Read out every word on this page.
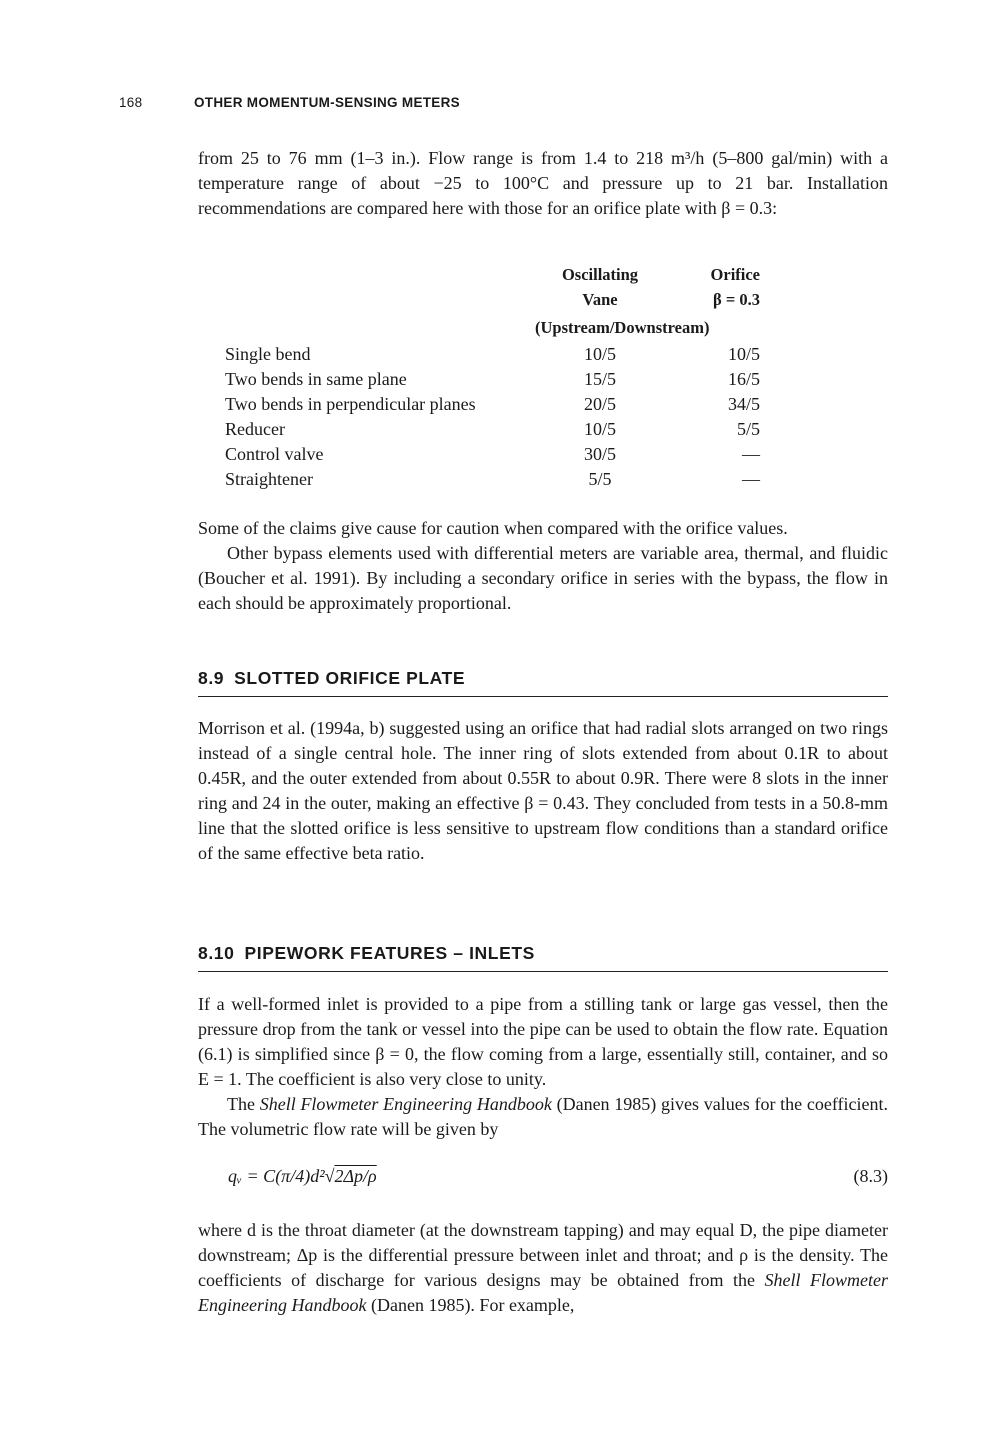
168	OTHER MOMENTUM-SENSING METERS

from 25 to 76 mm (1–3 in.). Flow range is from 1.4 to 218 m³/h (5–800 gal/min) with a temperature range of about −25 to 100°C and pressure up to 21 bar. Installation recommendations are compared here with those for an orifice plate with β = 0.3:

	Oscillating	Orifice
	Vane	β = 0.3
	(Upstream/Downstream)	
Single bend	10/5	10/5
Two bends in same plane	15/5	16/5
Two bends in perpendicular planes	20/5	34/5
Reducer	10/5	5/5
Control valve	30/5	—
Straightener	5/5	—

Some of the claims give cause for caution when compared with the orifice values.

Other bypass elements used with differential meters are variable area, thermal, and fluidic (Boucher et al. 1991). By including a secondary orifice in series with the bypass, the flow in each should be approximately proportional.

8.9 SLOTTED ORIFICE PLATE

Morrison et al. (1994a, b) suggested using an orifice that had radial slots arranged on two rings instead of a single central hole. The inner ring of slots extended from about 0.1R to about 0.45R, and the outer extended from about 0.55R to about 0.9R. There were 8 slots in the inner ring and 24 in the outer, making an effective β = 0.43. They concluded from tests in a 50.8-mm line that the slotted orifice is less sensitive to upstream flow conditions than a standard orifice of the same effective beta ratio.

8.10 PIPEWORK FEATURES – INLETS

If a well-formed inlet is provided to a pipe from a stilling tank or large gas vessel, then the pressure drop from the tank or vessel into the pipe can be used to obtain the flow rate. Equation (6.1) is simplified since β = 0, the flow coming from a large, essentially still, container, and so E = 1. The coefficient is also very close to unity.

The Shell Flowmeter Engineering Handbook (Danen 1985) gives values for the coefficient. The volumetric flow rate will be given by

qᵥ = C(π/4)d²√2Δp/ρ	(8.3)

where d is the throat diameter (at the downstream tapping) and may equal D, the pipe diameter downstream; Δp is the differential pressure between inlet and throat; and ρ is the density. The coefficients of discharge for various designs may be obtained from the Shell Flowmeter Engineering Handbook (Danen 1985). For example,
